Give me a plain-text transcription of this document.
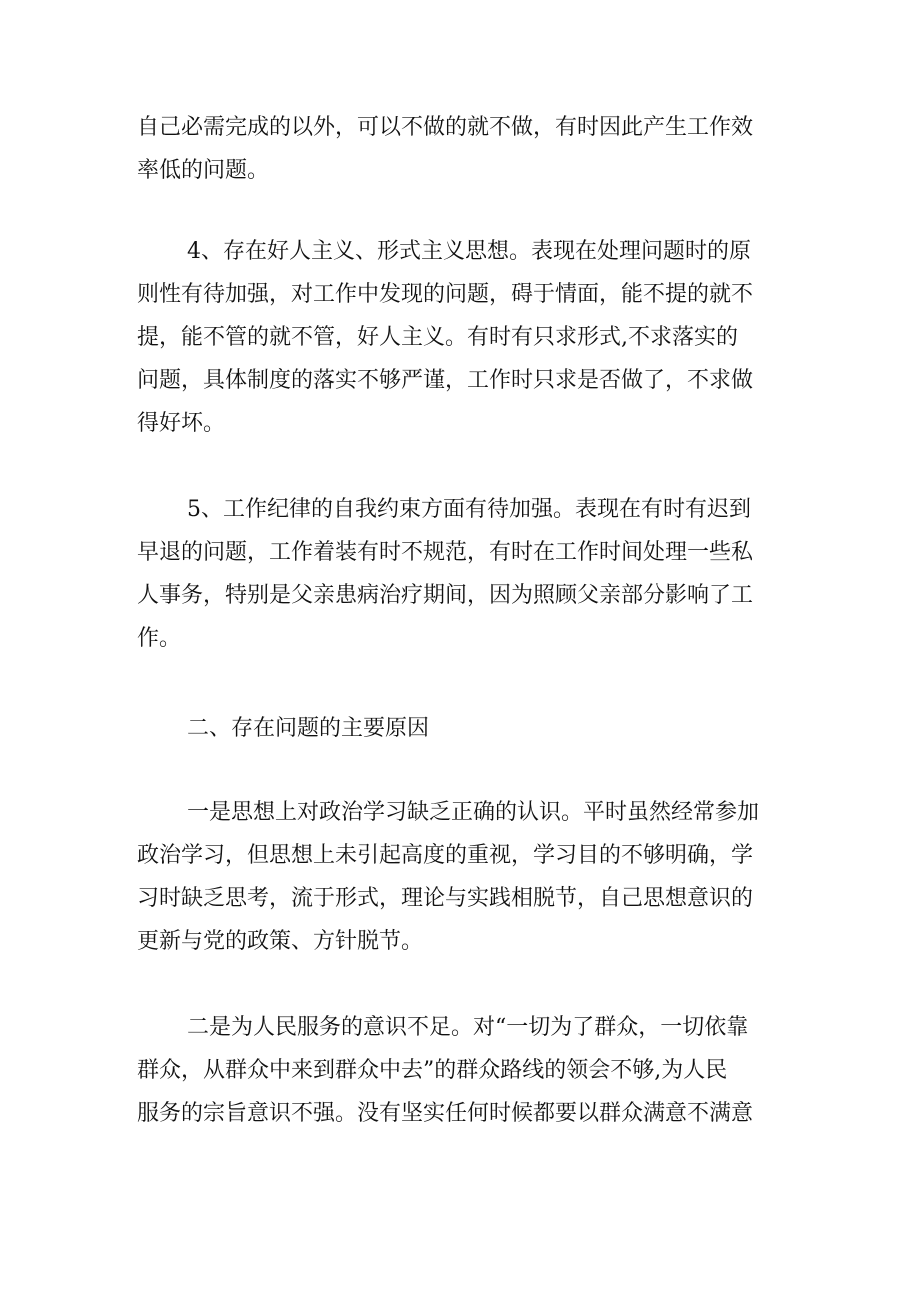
自己必需完成的以外，可以不做的就不做，有时因此产生工作效
率低的问题。
4、存在好人主义、形式主义思想。表现在处理问题时的原
则性有待加强，对工作中发现的问题，碍于情面，能不提的就不
提，能不管的就不管，好人主义。有时有只求形式,不求落实的
问题，具体制度的落实不够严谨，工作时只求是否做了，不求做
得好坏。
5、工作纪律的自我约束方面有待加强。表现在有时有迟到
早退的问题，工作着装有时不规范，有时在工作时间处理一些私
人事务，特别是父亲患病治疗期间，因为照顾父亲部分影响了工
作。
二、存在问题的主要原因
一是思想上对政治学习缺乏正确的认识。平时虽然经常参加
政治学习，但思想上未引起高度的重视，学习目的不够明确，学
习时缺乏思考，流于形式，理论与实践相脱节，自己思想意识的
更新与党的政策、方针脱节。
二是为人民服务的意识不足。对“一切为了群众，一切依靠
群众，从群众中来到群众中去”的群众路线的领会不够,为人民
服务的宗旨意识不强。没有坚实任何时候都要以群众满意不满意
